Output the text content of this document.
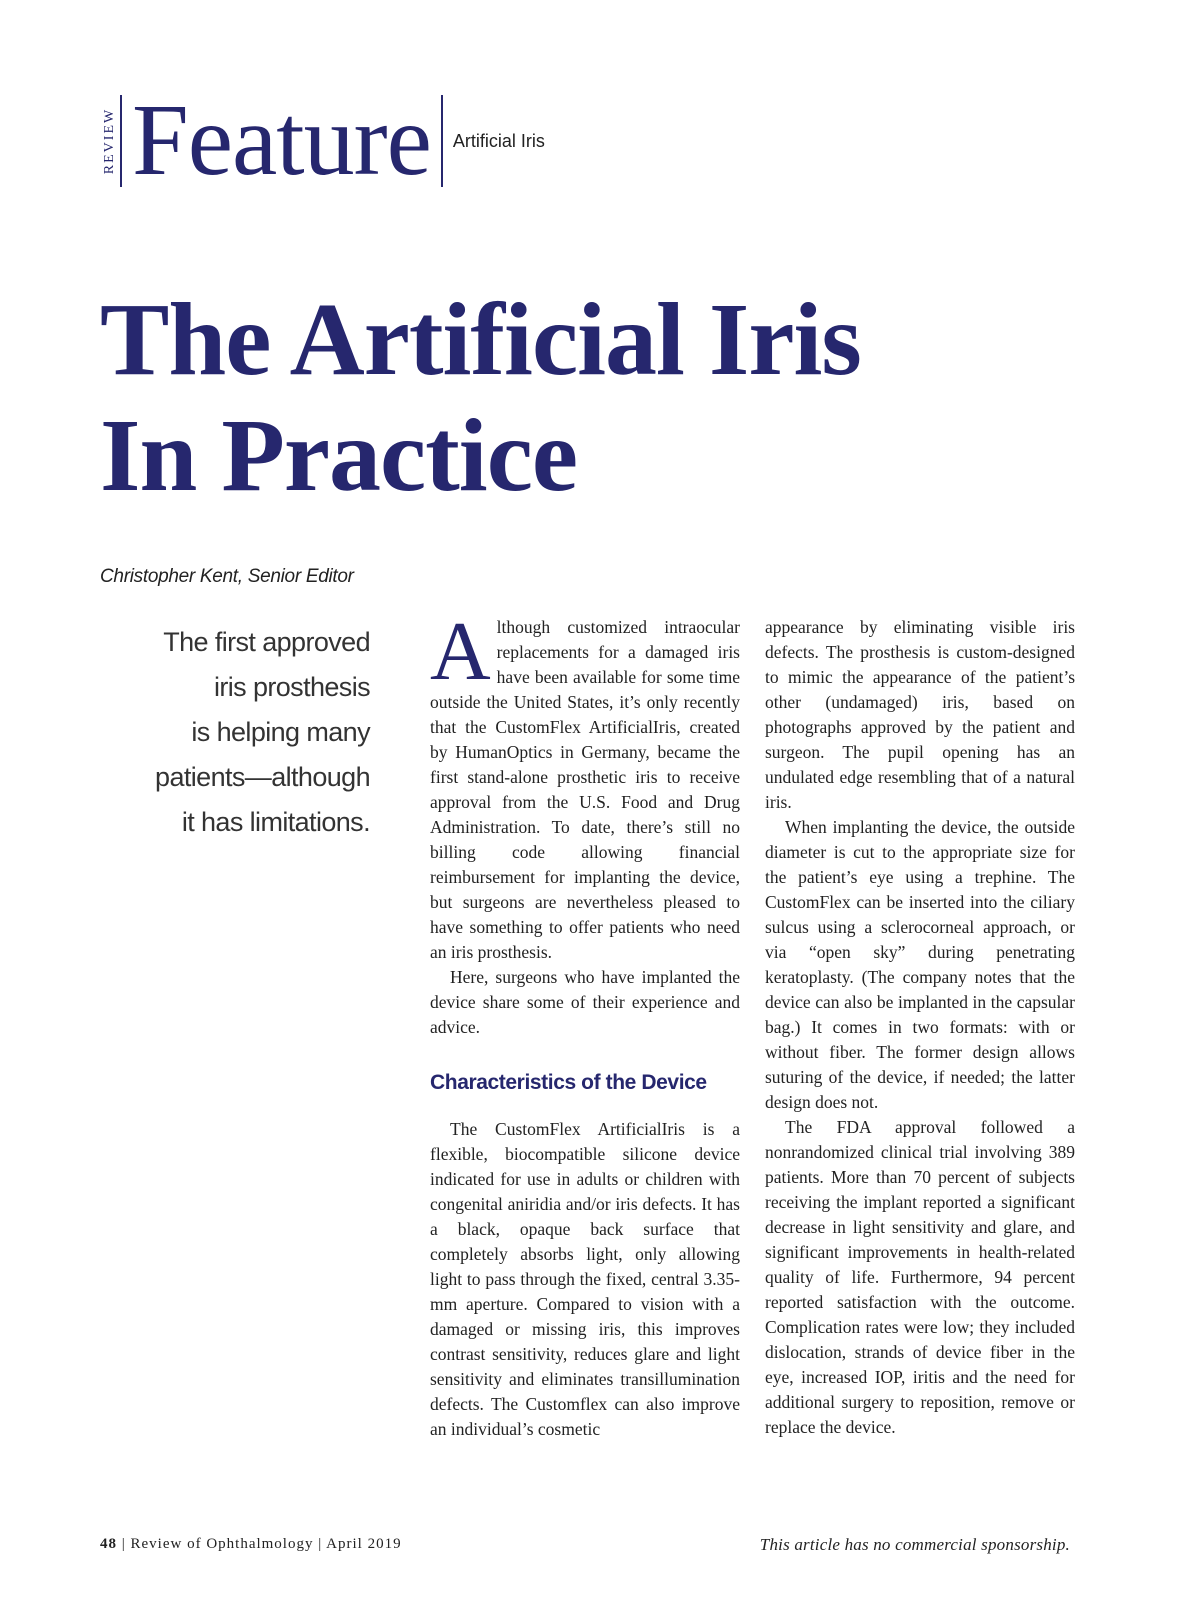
REVIEW Feature	Artificial Iris
The Artificial Iris
In Practice
Christopher Kent, Senior Editor
The first approved
iris prosthesis
is helping many
patients—although
it has limitations.

Although customized intraocular replacements for a damaged iris have been available for some time outside the United States, it’s only recently that the CustomFlex ArtificialIris, created by HumanOptics in Germany, became the first stand-alone prosthetic iris to receive approval from the U.S. Food and Drug Administration. To date, there’s still no billing code allowing financial reimbursement for implanting the device, but surgeons are nevertheless pleased to have something to offer patients who need an iris prosthesis.

Here, surgeons who have implanted the device share some of their experience and advice.

Characteristics of the Device

The CustomFlex ArtificialIris is a flexible, biocompatible silicone device indicated for use in adults or children with congenital aniridia and/or iris defects. It has a black, opaque back surface that completely absorbs light, only allowing light to pass through the fixed, central 3.35-mm aperture. Compared to vision with a damaged or missing iris, this improves contrast sensitivity, reduces glare and light sensitivity and eliminates transillumination defects. The Customflex can also improve an individual’s cosmetic

appearance by eliminating visible iris defects. The prosthesis is custom-designed to mimic the appearance of the patient’s other (undamaged) iris, based on photographs approved by the patient and surgeon. The pupil opening has an undulated edge resembling that of a natural iris.

When implanting the device, the outside diameter is cut to the appropriate size for the patient’s eye using a trephine. The CustomFlex can be inserted into the ciliary sulcus using a sclerocorneal approach, or via “open sky” during penetrating keratoplasty. (The company notes that the device can also be implanted in the capsular bag.) It comes in two formats: with or without fiber. The former design allows suturing of the device, if needed; the latter design does not.

The FDA approval followed a nonrandomized clinical trial involving 389 patients. More than 70 percent of subjects receiving the implant reported a significant decrease in light sensitivity and glare, and significant improvements in health-related quality of life. Furthermore, 94 percent reported satisfaction with the outcome. Complication rates were low; they included dislocation, strands of device fiber in the eye, increased IOP, iritis and the need for additional surgery to reposition, remove or replace the device.

48 | Review of Ophthalmology | April 2019	This article has no commercial sponsorship.
